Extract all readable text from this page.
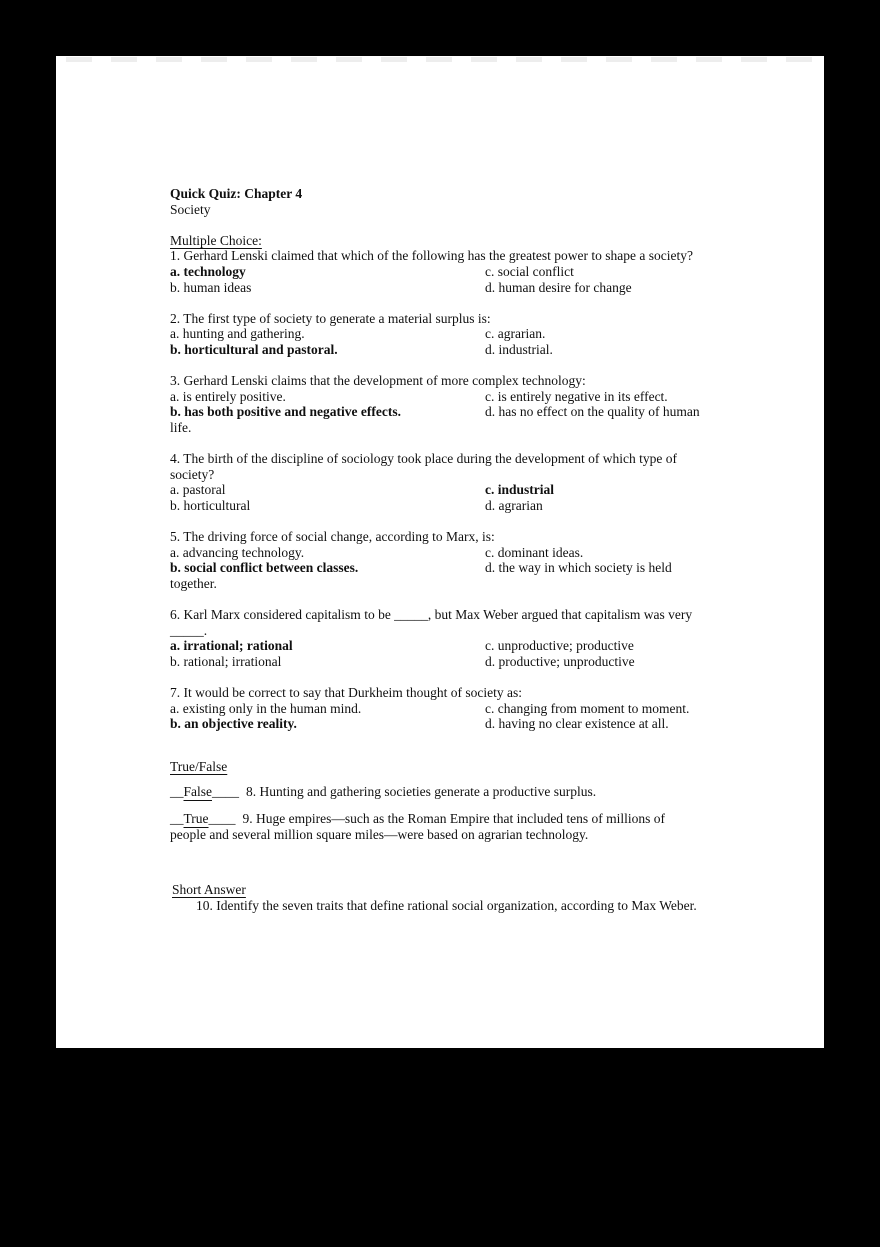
Quick Quiz: Chapter 4
Society
Multiple Choice:
1. Gerhard Lenski claimed that which of the following has the greatest power to shape a society?
a. technology	c. social conflict
b. human ideas	d. human desire for change
2. The first type of society to generate a material surplus is:
a. hunting and gathering.	c. agrarian.
b. horticultural and pastoral.	d. industrial.
3. Gerhard Lenski claims that the development of more complex technology:
a. is entirely positive.	c. is entirely negative in its effect.
b. has both positive and negative effects.	d. has no effect on the quality of human
life.
4. The birth of the discipline of sociology took place during the development of which type of
society?
a. pastoral	c. industrial
b. horticultural	d. agrarian
5. The driving force of social change, according to Marx, is:
a. advancing technology.	c. dominant ideas.
b. social conflict between classes.	d. the way in which society is held
together.
6. Karl Marx considered capitalism to be _____, but Max Weber argued that capitalism was very
_____.
a. irrational; rational	c. unproductive; productive
b. rational; irrational	d. productive; unproductive
7. It would be correct to say that Durkheim thought of society as:
a. existing only in the human mind.	c. changing from moment to moment.
b. an objective reality.	d. having no clear existence at all.
True/False
__False____ 8. Hunting and gathering societies generate a productive surplus.
__True____ 9. Huge empires—such as the Roman Empire that included tens of millions of
people and several million square miles—were based on agrarian technology.
Short Answer
10. Identify the seven traits that define rational social organization, according to Max Weber.
